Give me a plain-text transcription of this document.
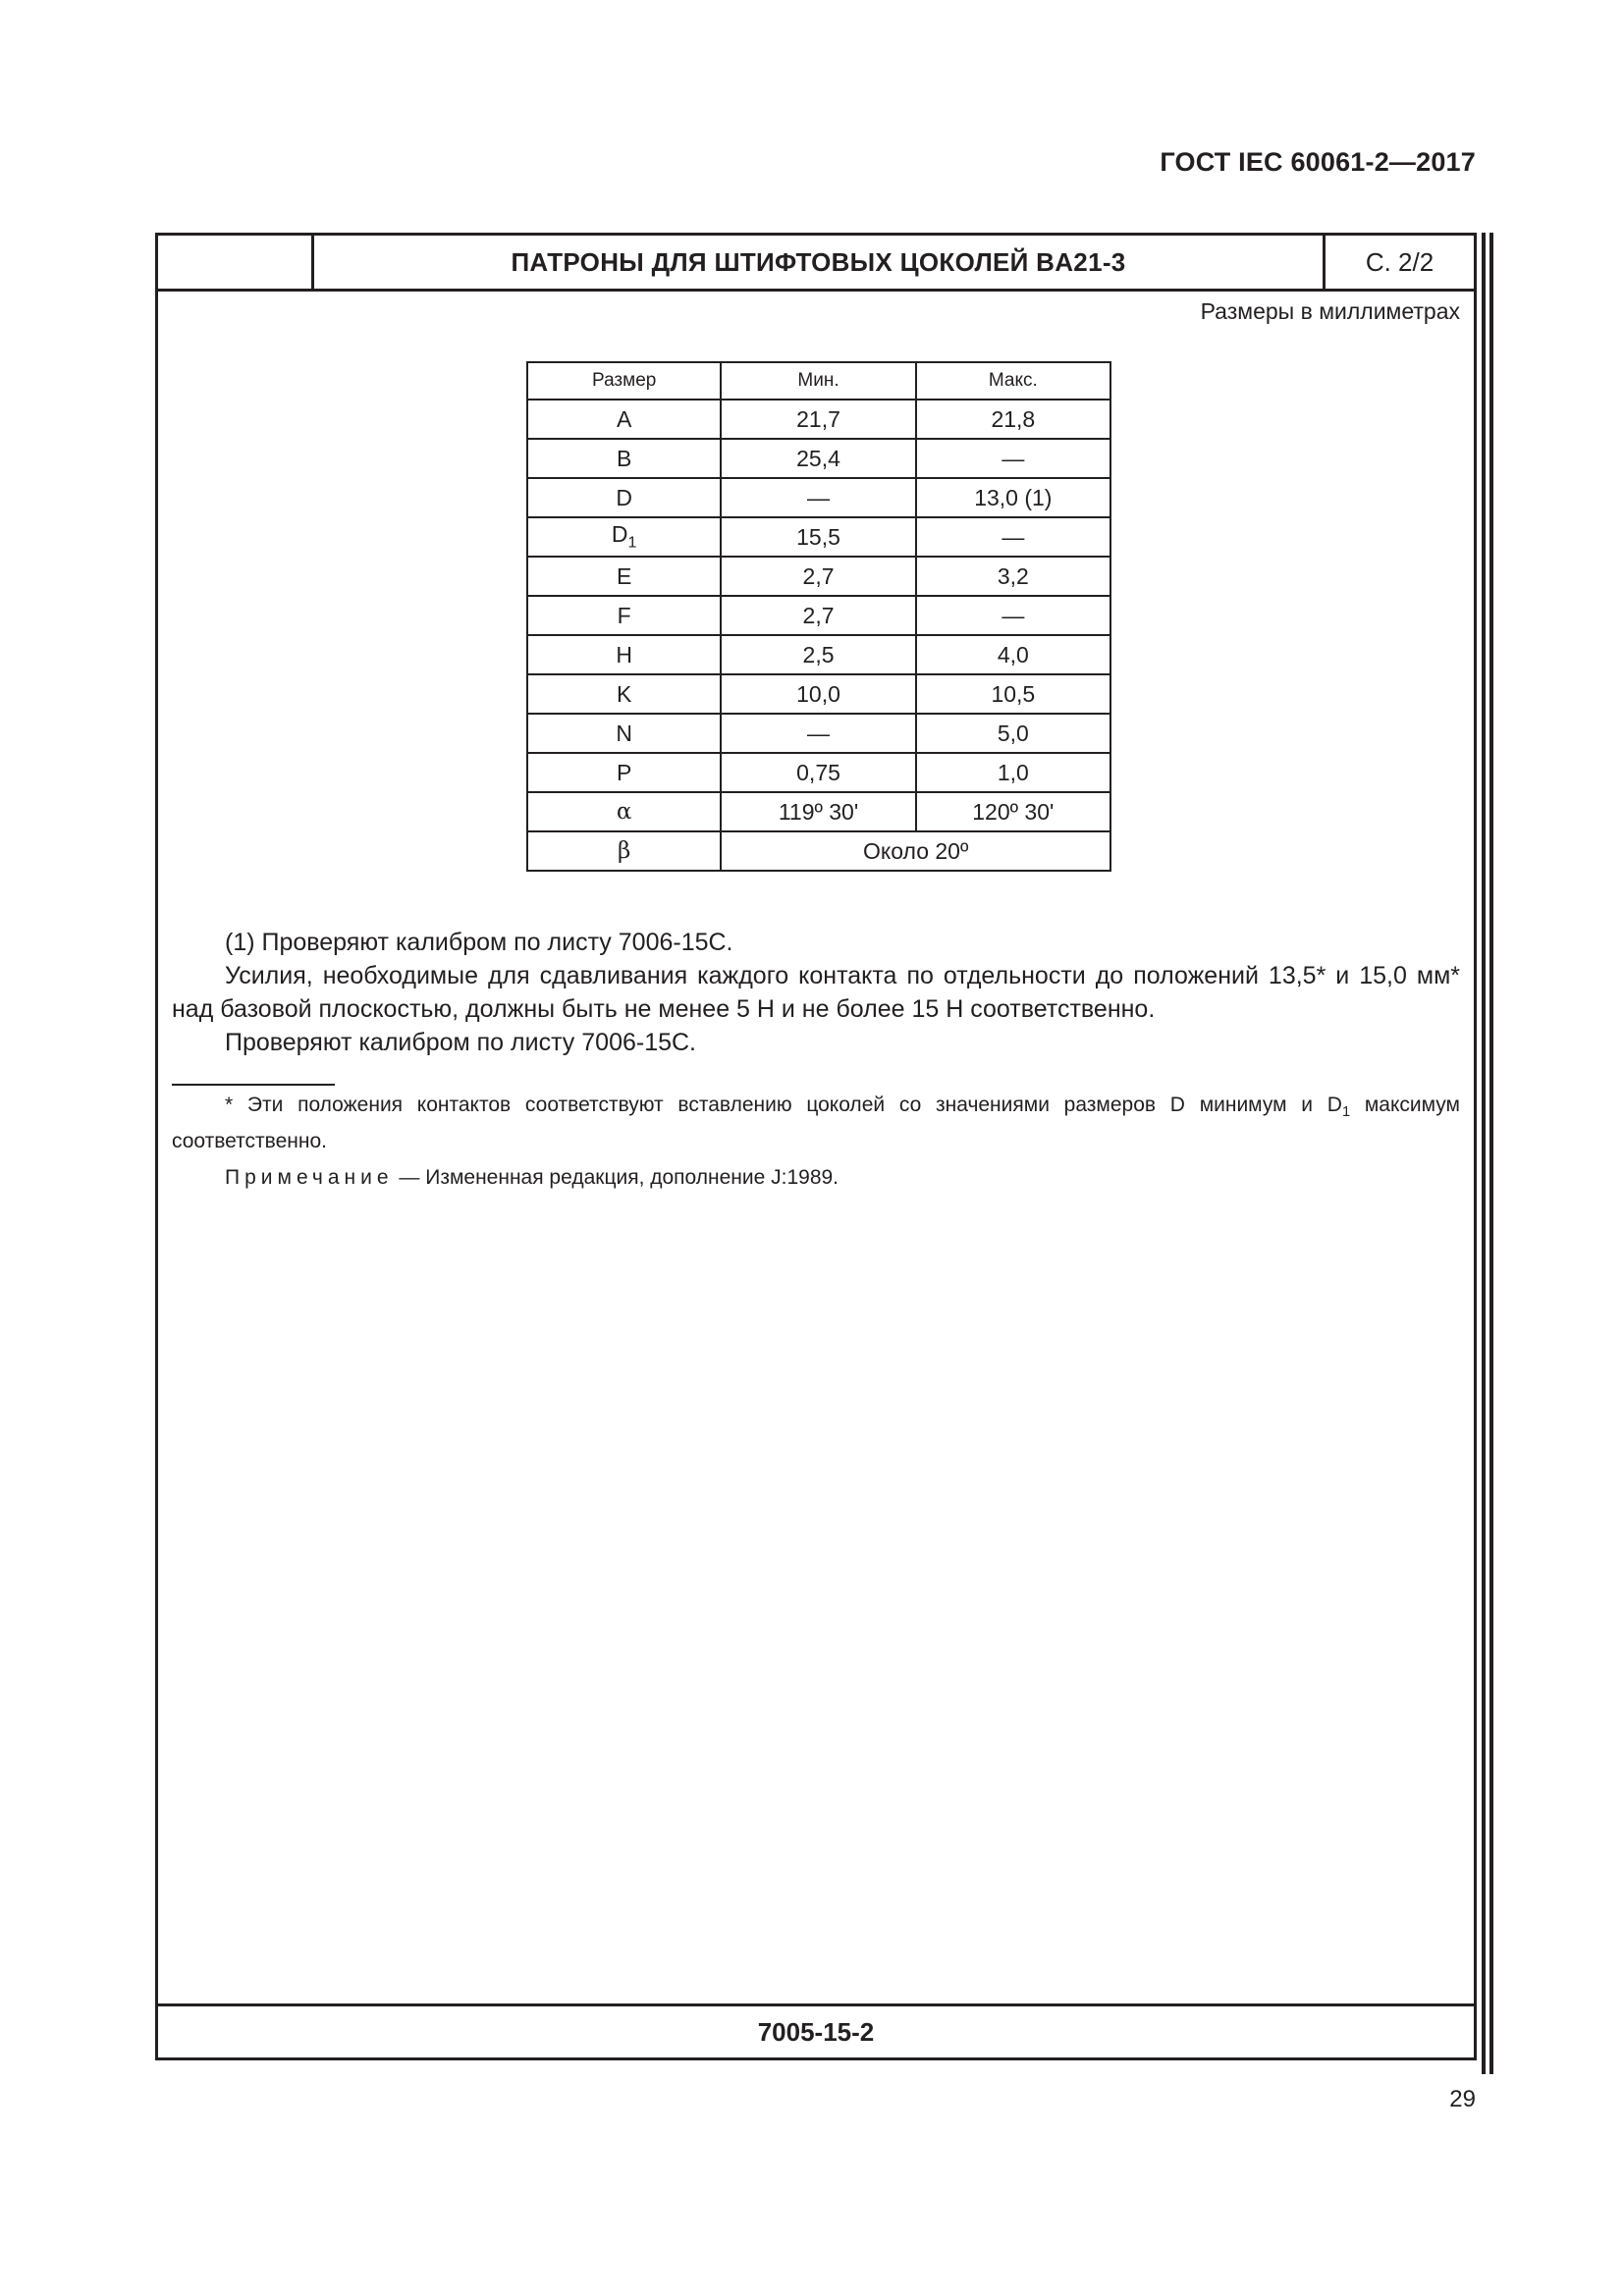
ГОСТ IEC 60061-2—2017
ПАТРОНЫ ДЛЯ ШТИФТОВЫХ ЦОКОЛЕЙ BA21-3	С. 2/2
Размеры в миллиметрах
Размер	Мин.	Макс.
A	21,7	21,8
B	25,4	—
D	—	13,0 (1)
$D_1$	15,5	—
E	2,7	3,2
F	2,7	—
H	2,5	4,0
K	10,0	10,5
N	—	5,0
P	0,75	1,0
α	119º 30'	120º 30'
β	Около 20º	

(1) Проверяют калибром по листу 7006-15С.

Усилия, необходимые для сдавливания каждого контакта по отдельности до положений 13,5* и 15,0 мм* над базовой плоскостью, должны быть не менее 5 Н и не более 15 Н соответственно.

Проверяют калибром по листу 7006-15С.

* Эти положения контактов соответствуют вставлению цоколей со значениями размеров D минимум и $D_1$ максимум соответственно.

Примечание — Измененная редакция, дополнение J:1989.
7005-15-2
29
